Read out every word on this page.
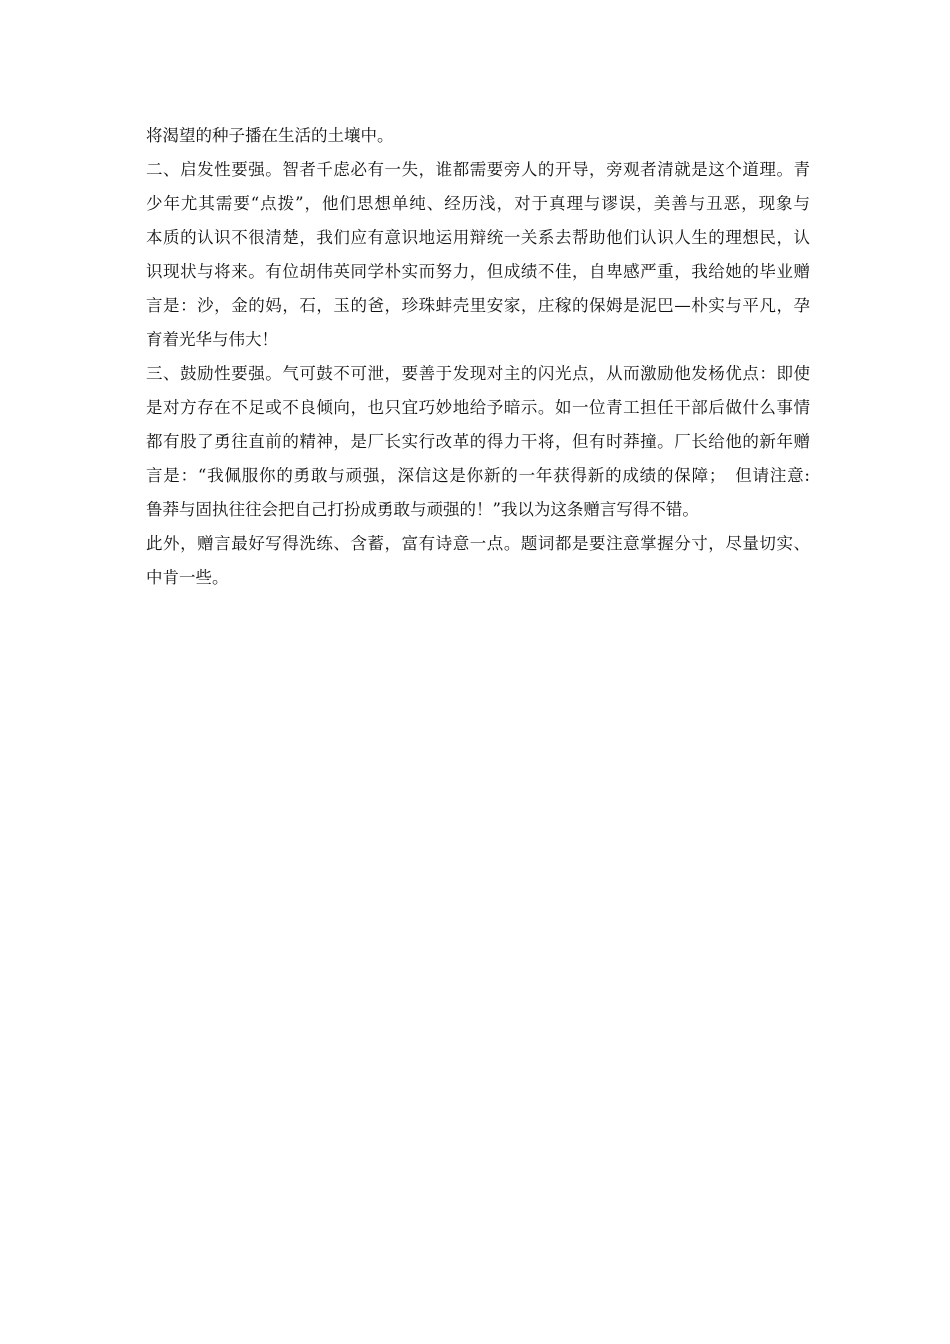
将渴望的种子播在生活的土壤中。
二、启发性要强。智者千虑必有一失，谁都需要旁人的开导，旁观者清就是这个道理。青
少年尤其需要“点拨”，他们思想单纯、经历浅，对于真理与谬误，美善与丑恶，现象与
本质的认识不很清楚，我们应有意识地运用辩统一关系去帮助他们认识人生的理想民，认
识现状与将来。有位胡伟英同学朴实而努力，但成绩不佳，自卑感严重，我给她的毕业赠
言是：沙，金的妈，石，玉的爸，珍珠蚌壳里安家，庄稼的保姆是泥巴—朴实与平凡，孕
育着光华与伟大！
三、鼓励性要强。气可鼓不可泄，要善于发现对主的闪光点，从而激励他发杨优点：即使
是对方存在不足或不良倾向，也只宜巧妙地给予暗示。如一位青工担任干部后做什么事情
都有股了勇往直前的精神，是厂长实行改革的得力干将，但有时莽撞。厂长给他的新年赠
言是：“我佩服你的勇敢与顽强，深信这是你新的一年获得新的成绩的保障；　但请注意:
鲁莽与固执往往会把自己打扮成勇敢与顽强的！”我以为这条赠言写得不错。
此外，赠言最好写得洗练、含蓄，富有诗意一点。题词都是要注意掌握分寸，尽量切实、
中肯一些。
